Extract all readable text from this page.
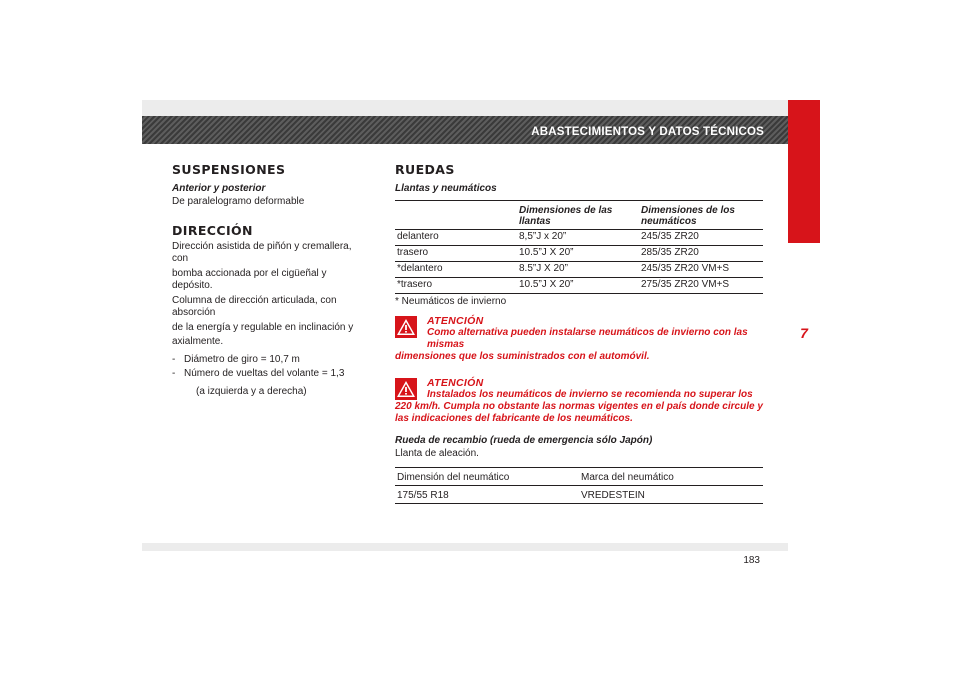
ABASTECIMIENTOS Y DATOS TÉCNICOS
7
183
SUSPENSIONES
Anterior y posterior

De paralelogramo deformable

DIRECCIÓN
Dirección asistida de piñón y cremallera, con
bomba accionada por el cigüeñal y depósito.
Columna de dirección articulada, con absorción
de la energía y regulable en inclinación y
axialmente.
- Diámetro de giro = 10,7 m
- Número de vueltas del volante = 1,3
(a izquierda y a derecha)
RUEDAS
Llantas y neumáticos
	Dimensiones de las llantas	Dimensiones de los neumáticos
delantero	8,5”J x 20”	245/35 ZR20
trasero	10.5”J X 20”	285/35 ZR20
*delantero	8.5”J X 20”	245/35 ZR20 VM+S
*trasero	10.5”J X 20”	275/35 ZR20 VM+S
* Neumáticos de invierno
ATENCIÓN
Como alternativa pueden instalarse neumáticos de invierno con las mismas
dimensiones que los suministrados con el automóvil.
ATENCIÓN
Instalados los neumáticos de invierno se recomienda no superar los
220 km/h. Cumpla no obstante las normas vigentes en el país donde circule y las indicaciones del fabricante de los neumáticos.
Rueda de recambio (rueda de emergencia sólo Japón)
Llanta de aleación.
Dimensión del neumático	Marca del neumático
175/55 R18	VREDESTEIN
